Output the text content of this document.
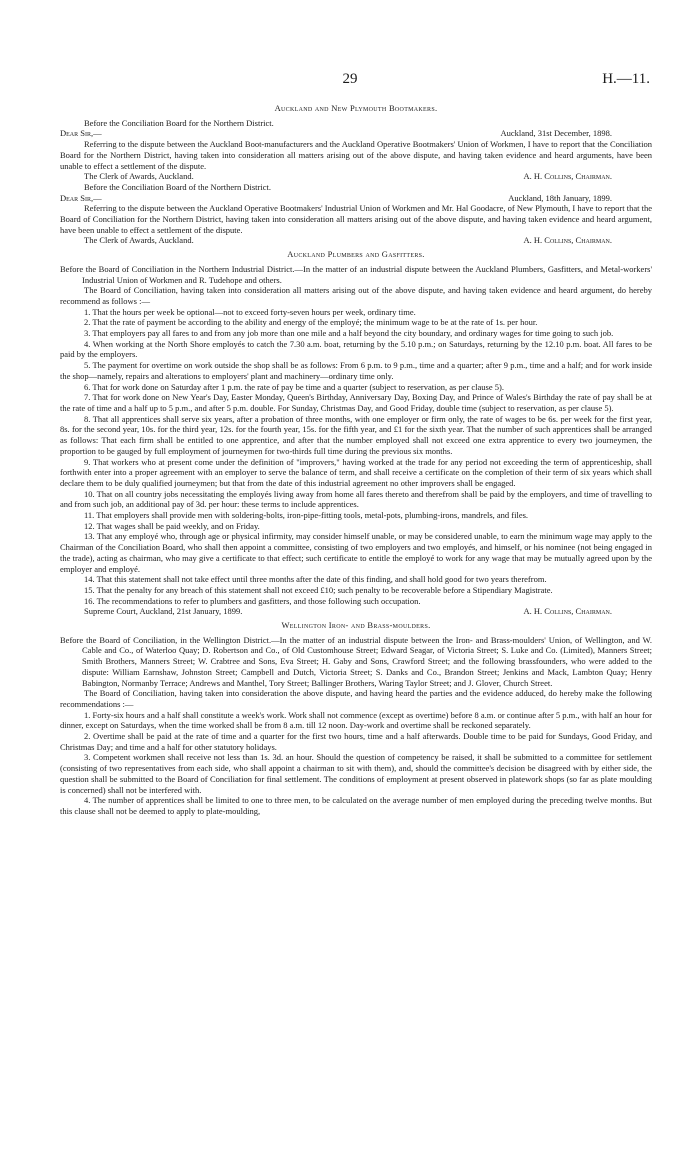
29	H.—11.
Auckland and New Plymouth Bootmakers.

Before the Conciliation Board for the Northern District.

Dear Sir,—	Auckland, 31st December, 1898.

Referring to the dispute between the Auckland Boot-manufacturers and the Auckland Operative Bootmakers' Union of Workmen, I have to report that the Conciliation Board for the Northern District, having taken into consideration all matters arising out of the above dispute, and having taken evidence and heard arguments, have been unable to effect a settlement of the dispute.

The Clerk of Awards, Auckland.	A. H. Collins, Chairman.

Before the Conciliation Board of the Northern District.

Dear Sir,—	Auckland, 18th January, 1899.

Referring to the dispute between the Auckland Operative Bootmakers' Industrial Union of Workmen and Mr. Hal Goodacre, of New Plymouth, I have to report that the Board of Conciliation for the Northern District, having taken into consideration all matters arising out of the above dispute, and having taken evidence and heard argument, have been unable to effect a settlement of the dispute.

The Clerk of Awards, Auckland.	A. H. Collins, Chairman.
Auckland Plumbers and Gasfitters.

Before the Board of Conciliation in the Northern Industrial District.—In the matter of an industrial dispute between the Auckland Plumbers, Gasfitters, and Metal-workers' Industrial Union of Workmen and R. Tudehope and others.

The Board of Conciliation, having taken into consideration all matters arising out of the above dispute, and having taken evidence and heard argument, do hereby recommend as follows :—

1. That the hours per week be optional—not to exceed forty-seven hours per week, ordinary time.

2. That the rate of payment be according to the ability and energy of the employé; the minimum wage to be at the rate of 1s. per hour.

3. That employers pay all fares to and from any job more than one mile and a half beyond the city boundary, and ordinary wages for time going to such job.

4. When working at the North Shore employés to catch the 7.30 a.m. boat, returning by the 5.10 p.m.; on Saturdays, returning by the 12.10 p.m. boat. All fares to be paid by the employers.

5. The payment for overtime on work outside the shop shall be as follows: From 6 p.m. to 9 p.m., time and a quarter; after 9 p.m., time and a half; and for work inside the shop—namely, repairs and alterations to employers' plant and machinery—ordinary time only.

6. That for work done on Saturday after 1 p.m. the rate of pay be time and a quarter (subject to reservation, as per clause 5).

7. That for work done on New Year's Day, Easter Monday, Queen's Birthday, Anniversary Day, Boxing Day, and Prince of Wales's Birthday the rate of pay shall be at the rate of time and a half up to 5 p.m., and after 5 p.m. double. For Sunday, Christmas Day, and Good Friday, double time (subject to reservation, as per clause 5).

8. That all apprentices shall serve six years, after a probation of three months, with one employer or firm only, the rate of wages to be 6s. per week for the first year, 8s. for the second year, 10s. for the third year, 12s. for the fourth year, 15s. for the fifth year, and £1 for the sixth year. That the number of such apprentices shall be arranged as follows: That each firm shall be entitled to one apprentice, and after that the number employed shall not exceed one extra apprentice to every two journeymen, the proportion to be gauged by full employment of journeymen for two-thirds full time during the previous six months.

9. That workers who at present come under the definition of "improvers," having worked at the trade for any period not exceeding the term of apprenticeship, shall forthwith enter into a proper agreement with an employer to serve the balance of term, and shall receive a certificate on the completion of their term of six years which shall declare them to be duly qualified journeymen; but that from the date of this industrial agreement no other improvers shall be engaged.

10. That on all country jobs necessitating the employés living away from home all fares thereto and therefrom shall be paid by the employers, and time of travelling to and from such job, an additional pay of 3d. per hour: these terms to include apprentices.

11. That employers shall provide men with soldering-bolts, iron-pipe-fitting tools, metal-pots, plumbing-irons, mandrels, and files.

12. That wages shall be paid weekly, and on Friday.

13. That any employé who, through age or physical infirmity, may consider himself unable, or may be considered unable, to earn the minimum wage may apply to the Chairman of the Conciliation Board, who shall then appoint a committee, consisting of two employers and two employés, and himself, or his nominee (not being engaged in the trade), acting as chairman, who may give a certificate to that effect; such certificate to entitle the employé to work for any wage that may be mutually agreed upon by the employer and employé.

14. That this statement shall not take effect until three months after the date of this finding, and shall hold good for two years therefrom.

15. That the penalty for any breach of this statement shall not exceed £10; such penalty to be recoverable before a Stipendiary Magistrate.

16. The recommendations to refer to plumbers and gasfitters, and those following such occupation.

Supreme Court, Auckland, 21st January, 1899.	A. H. Collins, Chairman.
Wellington Iron- and Brass-moulders.

Before the Board of Conciliation, in the Wellington District.—In the matter of an industrial dispute between the Iron- and Brass-moulders' Union, of Wellington, and W. Cable and Co., of Waterloo Quay; D. Robertson and Co., of Old Customhouse Street; Edward Seagar, of Victoria Street; S. Luke and Co. (Limited), Manners Street; Smith Brothers, Manners Street; W. Crabtree and Sons, Eva Street; H. Gaby and Sons, Crawford Street; and the following brassfounders, who were added to the dispute: William Earnshaw, Johnston Street; Campbell and Dutch, Victoria Street; S. Danks and Co., Brandon Street; Jenkins and Mack, Lambton Quay; Henry Babington, Normanby Terrace; Andrews and Manthel, Tory Street; Ballinger Brothers, Waring Taylor Street; and J. Glover, Church Street.

The Board of Conciliation, having taken into consideration the above dispute, and having heard the parties and the evidence adduced, do hereby make the following recommendations :—

1. Forty-six hours and a half shall constitute a week's work. Work shall not commence (except as overtime) before 8 a.m. or continue after 5 p.m., with half an hour for dinner, except on Saturdays, when the time worked shall be from 8 a.m. till 12 noon. Day-work and overtime shall be reckoned separately.

2. Overtime shall be paid at the rate of time and a quarter for the first two hours, time and a half afterwards. Double time to be paid for Sundays, Good Friday, and Christmas Day; and time and a half for other statutory holidays.

3. Competent workmen shall receive not less than 1s. 3d. an hour. Should the question of competency be raised, it shall be submitted to a committee for settlement (consisting of two representatives from each side, who shall appoint a chairman to sit with them), and, should the committee's decision be disagreed with by either side, the question shall be submitted to the Board of Conciliation for final settlement. The conditions of employment at present observed in platework shops (so far as plate moulding is concerned) shall not be interfered with.

4. The number of apprentices shall be limited to one to three men, to be calculated on the average number of men employed during the preceding twelve months. But this clause shall not be deemed to apply to plate-moulding,
